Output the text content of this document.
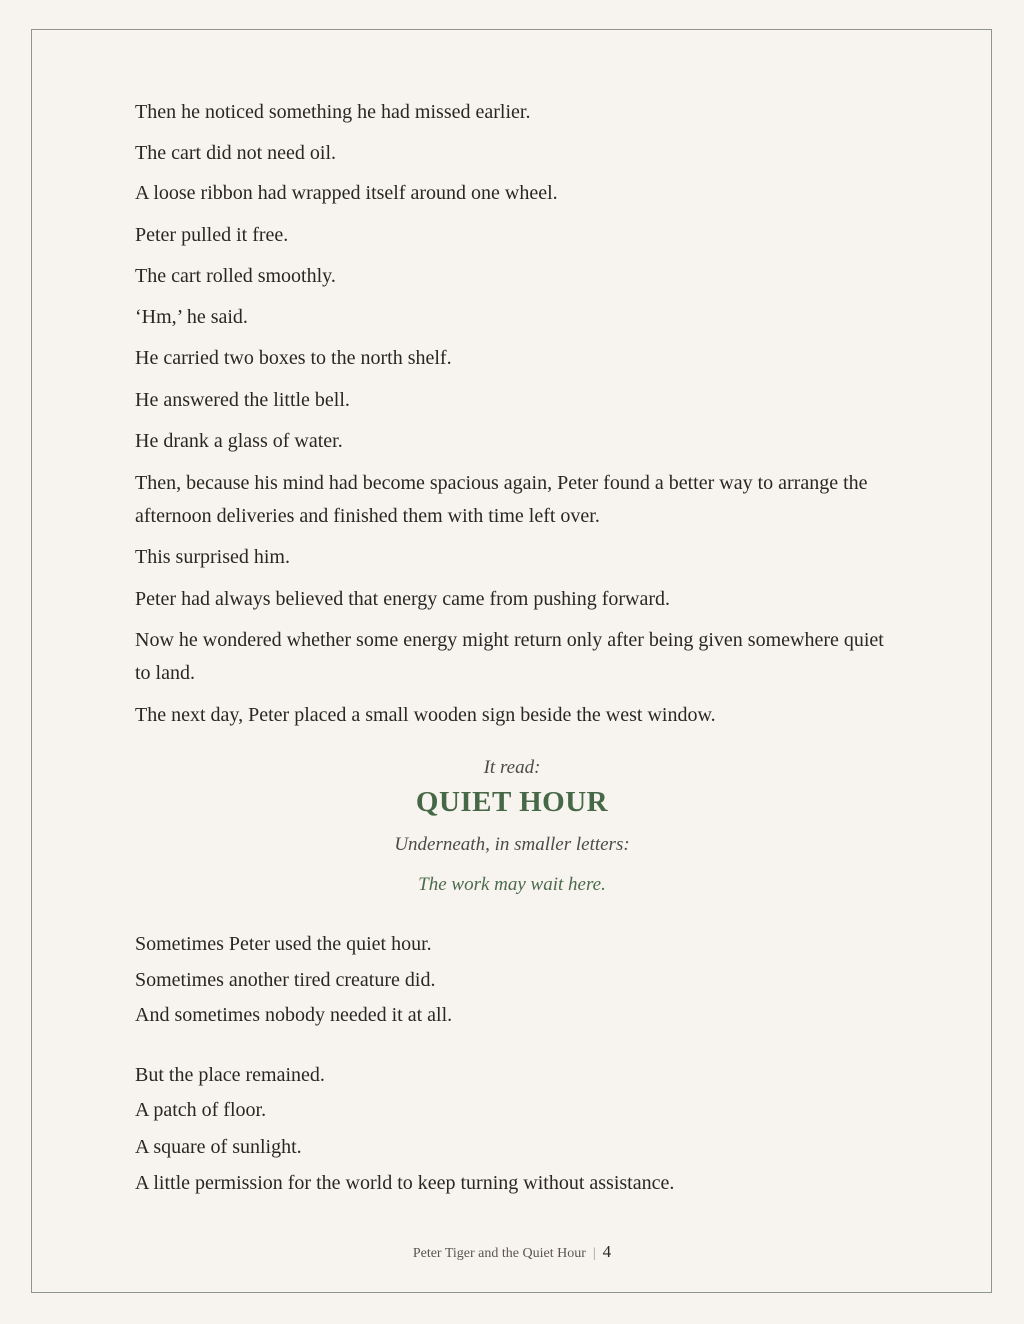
Then he noticed something he had missed earlier.

The cart did not need oil.

A loose ribbon had wrapped itself around one wheel.

Peter pulled it free.

The cart rolled smoothly.

‘Hm,’ he said.

He carried two boxes to the north shelf.

He answered the little bell.

He drank a glass of water.

Then, because his mind had become spacious again, Peter found a better way to arrange the afternoon deliveries and finished them with time left over.

This surprised him.

Peter had always believed that energy came from pushing forward.

Now he wondered whether some energy might return only after being given somewhere quiet to land.

The next day, Peter placed a small wooden sign beside the west window.

It read:

QUIET HOUR

Underneath, in smaller letters:

The work may wait here.

Sometimes Peter used the quiet hour.

Sometimes another tired creature did.

And sometimes nobody needed it at all.

But the place remained.

A patch of floor.

A square of sunlight.

A little permission for the world to keep turning without assistance.

Peter Tiger and the Quiet Hour | 4
